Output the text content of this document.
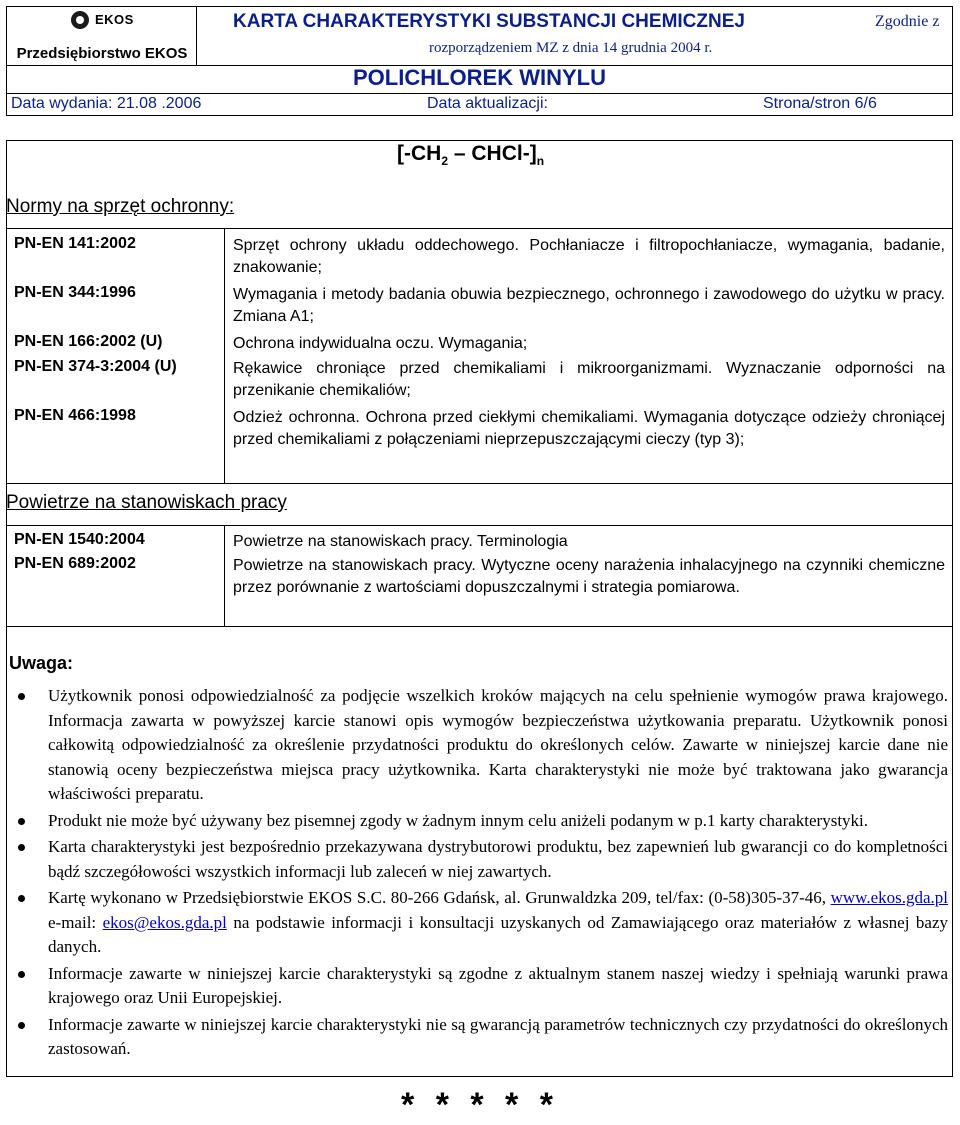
EKOS
Przedsiębiorstwo EKOS
KARTA CHARAKTERYSTYKI SUBSTANCJI CHEMICZNEJ	Zgodnie z
rozporządzeniem MZ z dnia 14 grudnia 2004 r.
POLICHLOREK WINYLU
Data wydania: 21.08 .2006	Data aktualizacji:	Strona/stron 6/6
[$-CH_2$ – CHCl-]$_n$
Normy na sprzęt ochronny:
PN-EN 141:2002	Sprzęt ochrony układu oddechowego. Pochłaniacze i filtropochłaniacze, wymagania, badanie, znakowanie;
PN-EN 344:1996	Wymagania i metody badania obuwia bezpiecznego, ochronnego i zawodowego do użytku w pracy. Zmiana A1;
PN-EN 166:2002 (U)	Ochrona indywidualna oczu. Wymagania;
PN-EN 374-3:2004 (U)	Rękawice chroniące przed chemikaliami i mikroorganizmami. Wyznaczanie odporności na przenikanie chemikaliów;
PN-EN 466:1998	Odzież ochronna. Ochrona przed ciekłymi chemikaliami. Wymagania dotyczące odzieży chroniącej przed chemikaliami z połączeniami nieprzepuszczającymi cieczy (typ 3);
Powietrze na stanowiskach pracy
PN-EN 1540:2004	Powietrze na stanowiskach pracy. Terminologia
PN-EN 689:2002	Powietrze na stanowiskach pracy. Wytyczne oceny narażenia inhalacyjnego na czynniki chemiczne przez porównanie z wartościami dopuszczalnymi i strategia pomiarowa.
Uwaga:
Użytkownik ponosi odpowiedzialność za podjęcie wszelkich kroków mających na celu spełnienie wymogów prawa krajowego. Informacja zawarta w powyższej karcie stanowi opis wymogów bezpieczeństwa użytkowania preparatu. Użytkownik ponosi całkowitą odpowiedzialność za określenie przydatności produktu do określonych celów. Zawarte w niniejszej karcie dane nie stanowią oceny bezpieczeństwa miejsca pracy użytkownika. Karta charakterystyki nie może być traktowana jako gwarancja właściwości preparatu.
Produkt nie może być używany bez pisemnej zgody w żadnym innym celu aniżeli podanym w p.1 karty charakterystyki.
Karta charakterystyki jest bezpośrednio przekazywana dystrybutorowi produktu, bez zapewnień lub gwarancji co do kompletności bądź szczegółowości wszystkich informacji lub zaleceń w niej zawartych.
Kartę wykonano w Przedsiębiorstwie EKOS S.C. 80-266 Gdańsk, al. Grunwaldzka 209, tel/fax: (0-58)305-37-46, www.ekos.gda.pl e-mail: ekos@ekos.gda.pl na podstawie informacji i konsultacji uzyskanych od Zamawiającego oraz materiałów z własnej bazy danych.
Informacje zawarte w niniejszej karcie charakterystyki są zgodne z aktualnym stanem naszej wiedzy i spełniają warunki prawa krajowego oraz Unii Europejskiej.
Informacje zawarte w niniejszej karcie charakterystyki nie są gwarancją parametrów technicznych czy przydatności do określonych zastosowań.
* * * * *
